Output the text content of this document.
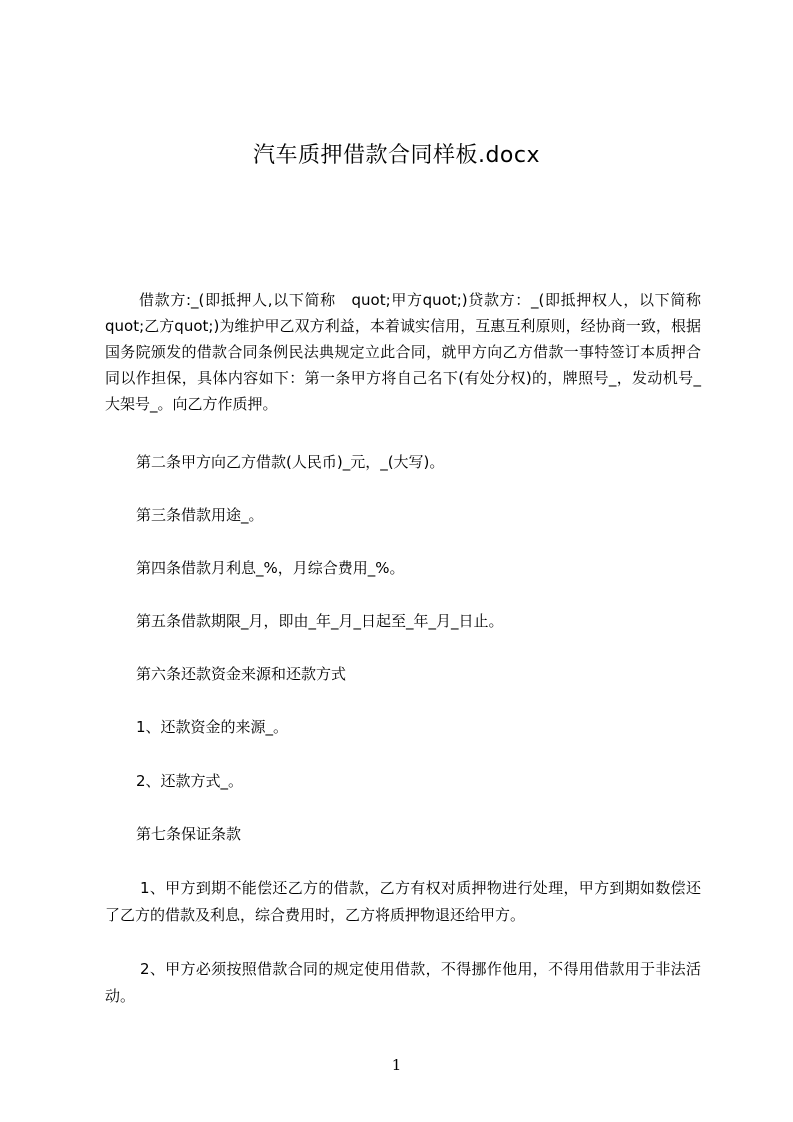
汽车质押借款合同样板.docx
借款方:_(即抵押人,以下简称　quot;甲方quot;)贷款方：_(即抵押权人，以下简称quot;乙方quot;)为维护甲乙双方利益，本着诚实信用，互惠互利原则，经协商一致，根据国务院颁发的借款合同条例民法典规定立此合同，就甲方向乙方借款一事特签订本质押合同以作担保，具体内容如下：第一条甲方将自己名下(有处分权)的，牌照号_，发动机号_大架号_。向乙方作质押。
第二条甲方向乙方借款(人民币)_元，_(大写)。
第三条借款用途_。
第四条借款月利息_%，月综合费用_%。
第五条借款期限_月，即由_年_月_日起至_年_月_日止。
第六条还款资金来源和还款方式
1、还款资金的来源_。
2、还款方式_。
第七条保证条款
1、甲方到期不能偿还乙方的借款，乙方有权对质押物进行处理，甲方到期如数偿还了乙方的借款及利息，综合费用时，乙方将质押物退还给甲方。
2、甲方必须按照借款合同的规定使用借款，不得挪作他用，不得用借款用于非法活动。
1
